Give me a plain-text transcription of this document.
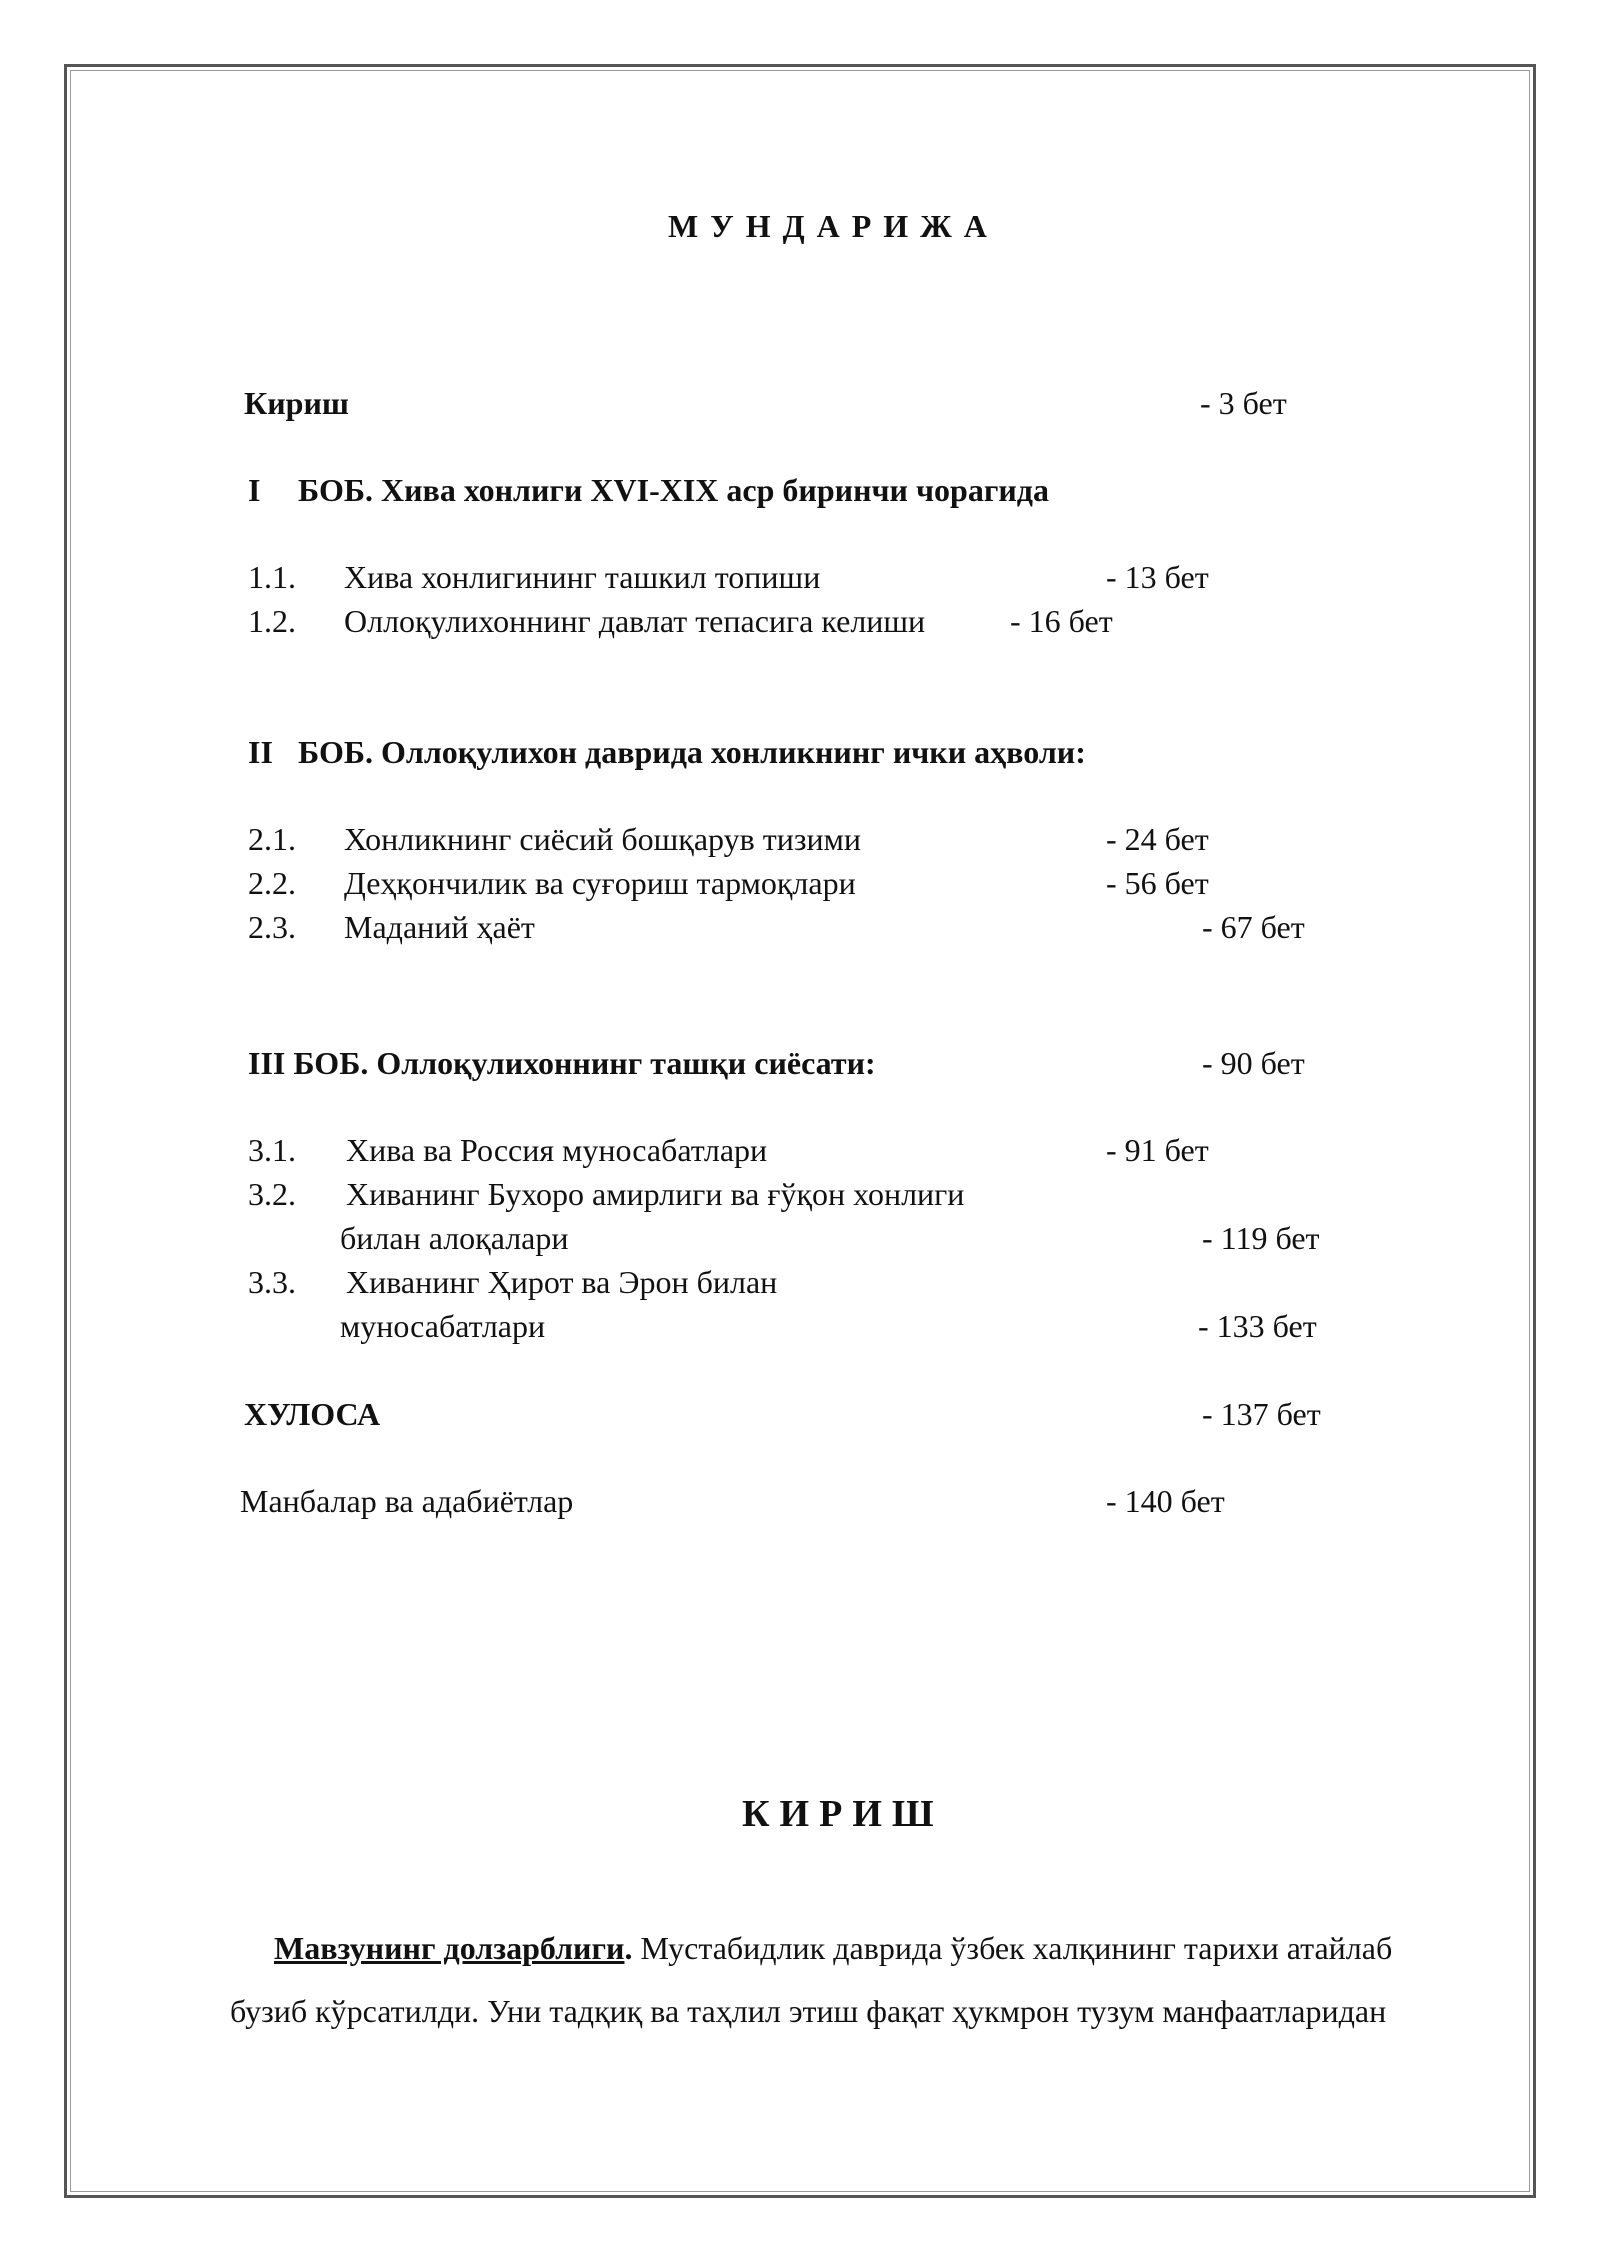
МУНДАРИЖА
Кириш	- 3 бет
I БОБ. Хива хонлиги XVI-XIX аср биринчи чорагида
1.1. Хива хонлигининг ташкил топиши	- 13 бет
1.2. Оллоқулихоннинг давлат тепасига келиши	- 16 бет
II БОБ. Оллоқулихон даврида хонликнинг ички аҳволи:
2.1. Хонликнинг сиёсий бошқарув тизими	- 24 бет
2.2. Деҳқончилик ва суғориш тармоқлари	- 56 бет
2.3. Маданий ҳаёт	- 67 бет
III БОБ. Оллоқулихоннинг ташқи сиёсати:	- 90 бет
3.1. Хива ва Россия муносабатлари	- 91 бет
3.2. Хиванинг Бухоро амирлиги ва ғўқон хонлиги
билан алоқалари	- 119 бет
3.3. Хиванинг Ҳирот ва Эрон билан
муносабатлари	- 133 бет
ХУЛОСА	- 137 бет
Манбалар ва адабиётлар	- 140 бет
КИРИШ
Мавзунинг долзарблиги. Мустабидлик даврида ўзбек халқининг тарихи атайлаб
бузиб кўрсатилди. Уни тадқиқ ва таҳлил этиш фақат ҳукмрон тузум манфаатларидан
